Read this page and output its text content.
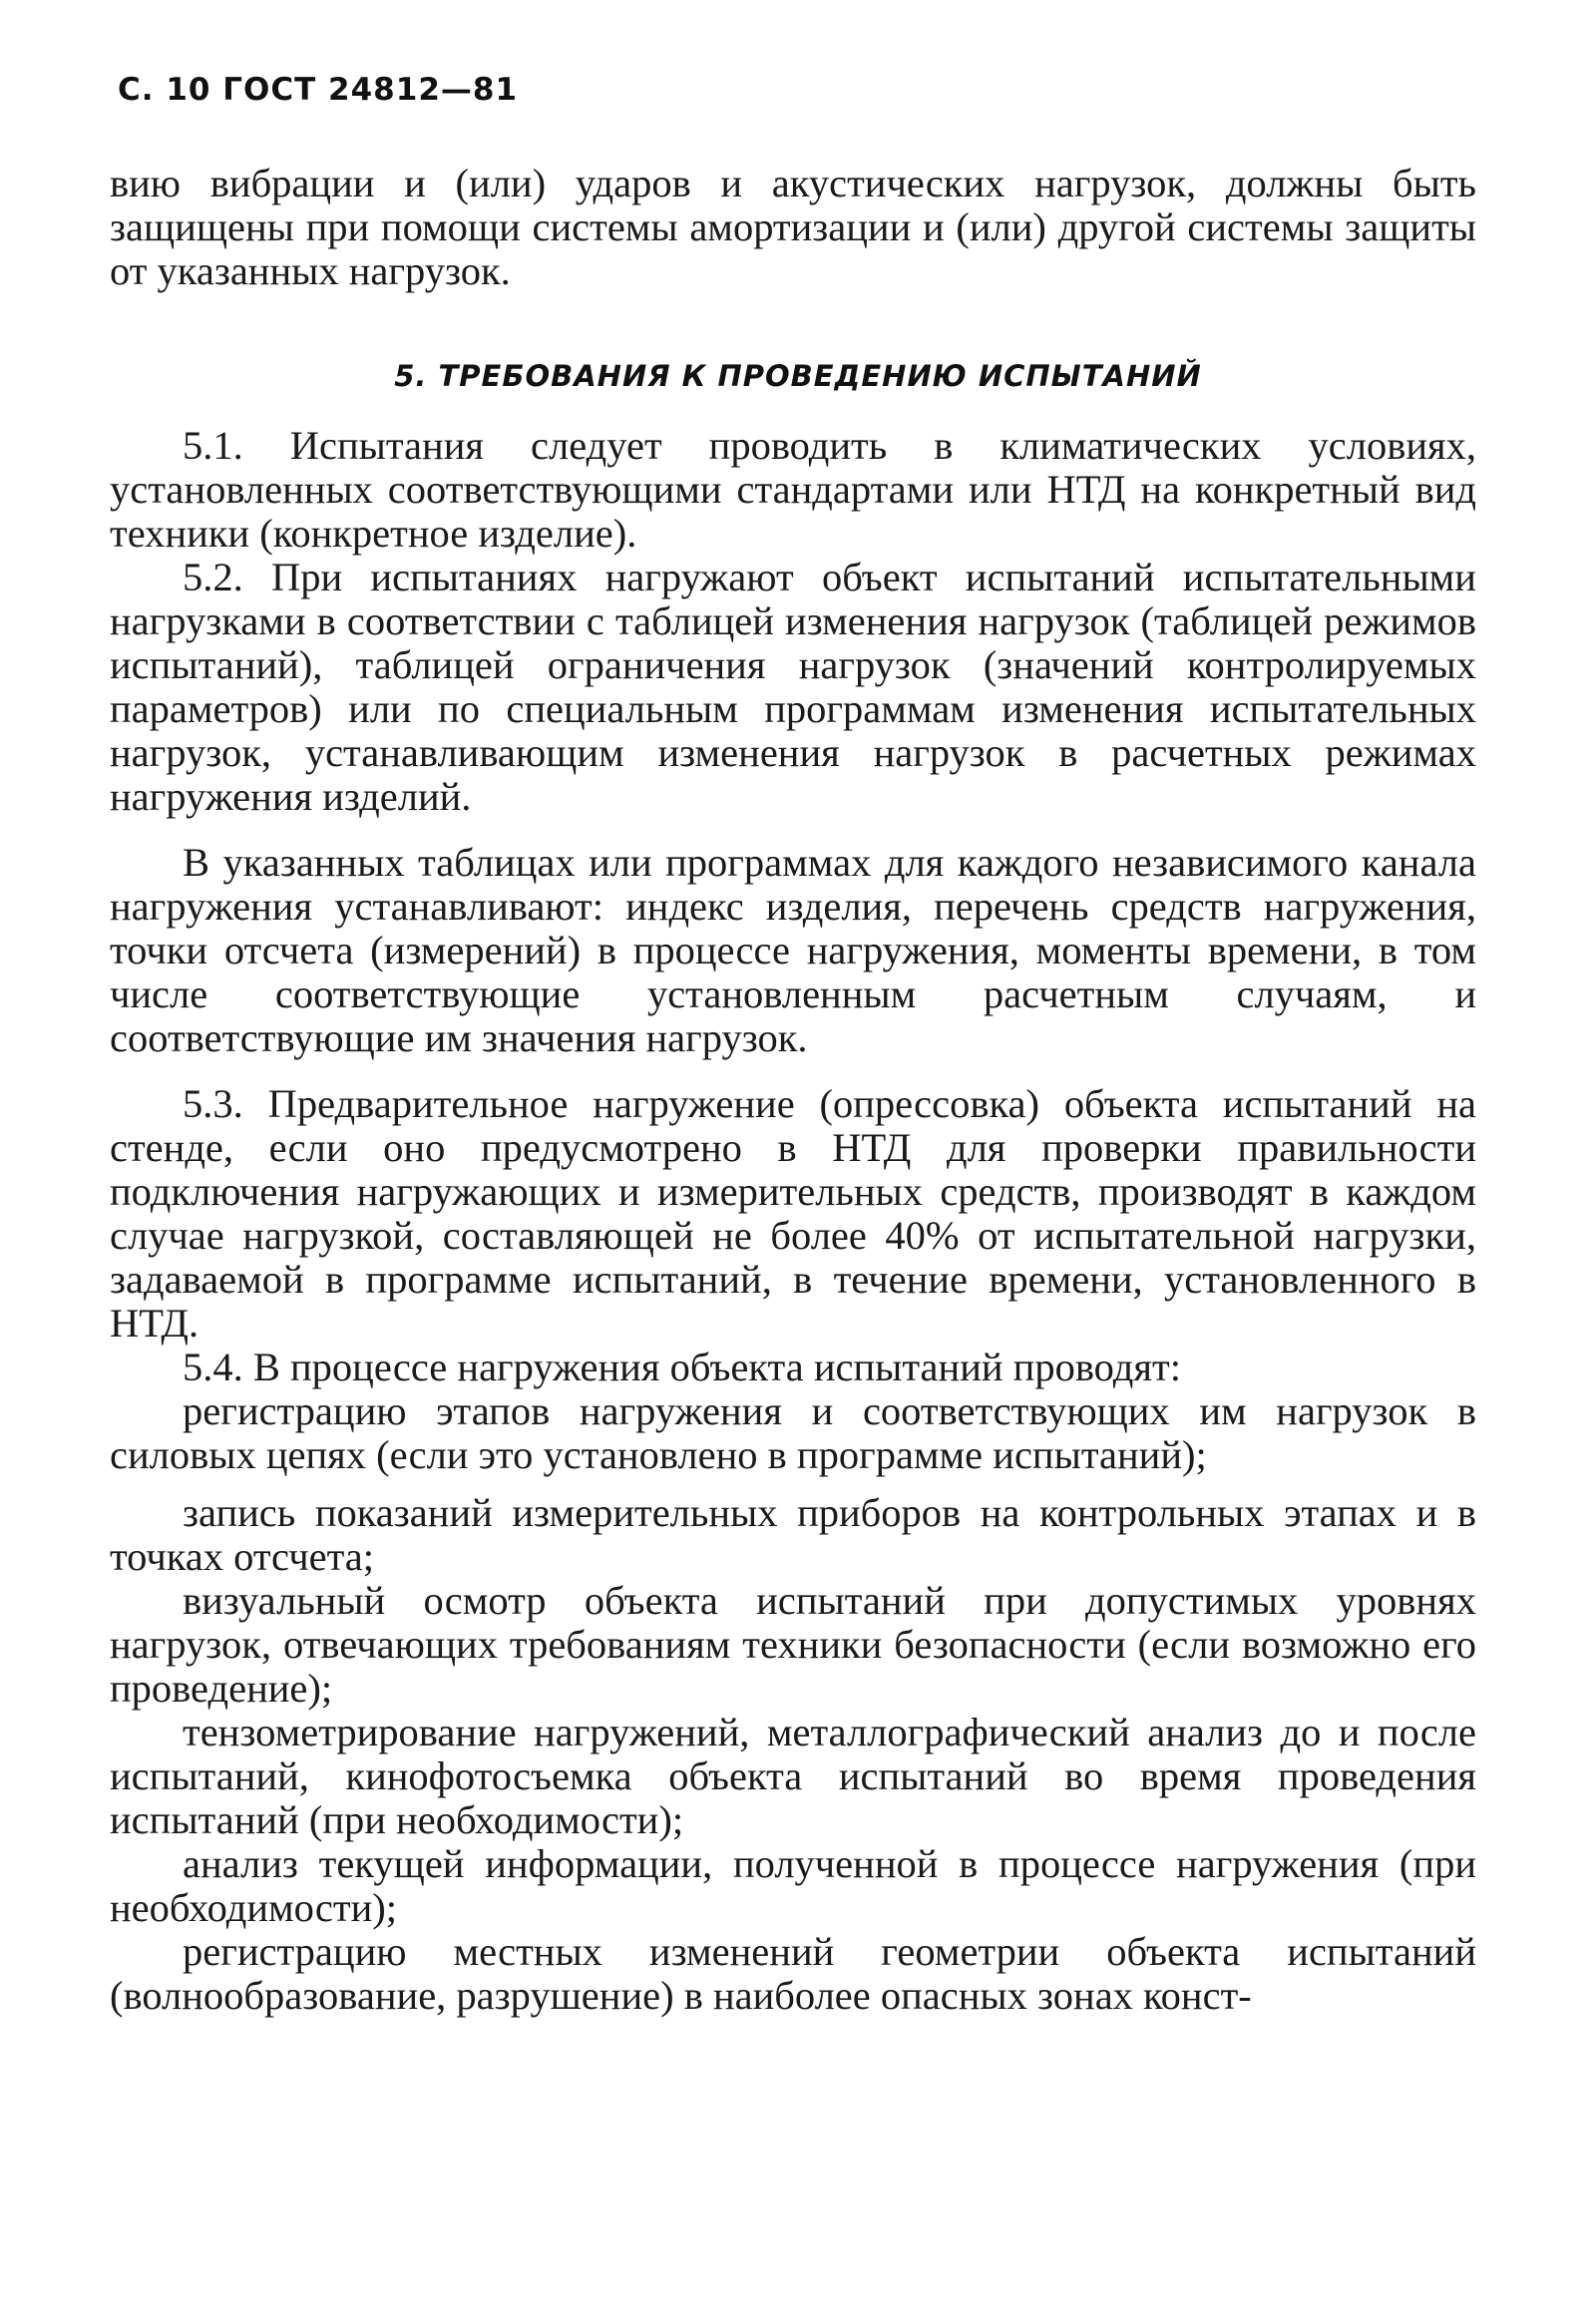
С. 10 ГОСТ 24812—81
вию вибрации и (или) ударов и акустических нагрузок, должны быть защищены при помощи системы амортизации и (или) другой системы защиты от указанных нагрузок.
5. ТРЕБОВАНИЯ К ПРОВЕДЕНИЮ ИСПЫТАНИЙ

5.1. Испытания следует проводить в климатических условиях, установленных соответствующими стандартами или НТД на конкретный вид техники (конкретное изделие).

5.2. При испытаниях нагружают объект испытаний испытательными нагрузками в соответствии с таблицей изменения нагрузок (таблицей режимов испытаний), таблицей ограничения нагрузок (значений контролируемых параметров) или по специальным программам изменения испытательных нагрузок, устанавливающим изменения нагрузок в расчетных режимах нагружения изделий.

В указанных таблицах или программах для каждого независимого канала нагружения устанавливают: индекс изделия, перечень средств нагружения, точки отсчета (измерений) в процессе нагружения, моменты времени, в том числе соответствующие установленным расчетным случаям, и соответствующие им значения нагрузок.

5.3. Предварительное нагружение (опрессовка) объекта испытаний на стенде, если оно предусмотрено в НТД для проверки правильности подключения нагружающих и измерительных средств, производят в каждом случае нагрузкой, составляющей не более 40% от испытательной нагрузки, задаваемой в программе испытаний, в течение времени, установленного в НТД.

5.4. В процессе нагружения объекта испытаний проводят:

регистрацию этапов нагружения и соответствующих им нагрузок в силовых цепях (если это установлено в программе испытаний);

запись показаний измерительных приборов на контрольных этапах и в точках отсчета;

визуальный осмотр объекта испытаний при допустимых уровнях нагрузок, отвечающих требованиям техники безопасности (если возможно его проведение);

тензометрирование нагружений, металлографический анализ до и после испытаний, кинофотосъемка объекта испытаний во время проведения испытаний (при необходимости);

анализ текущей информации, полученной в процессе нагружения (при необходимости);

регистрацию местных изменений геометрии объекта испытаний (волнообразование, разрушение) в наиболее опасных зонах конст-
